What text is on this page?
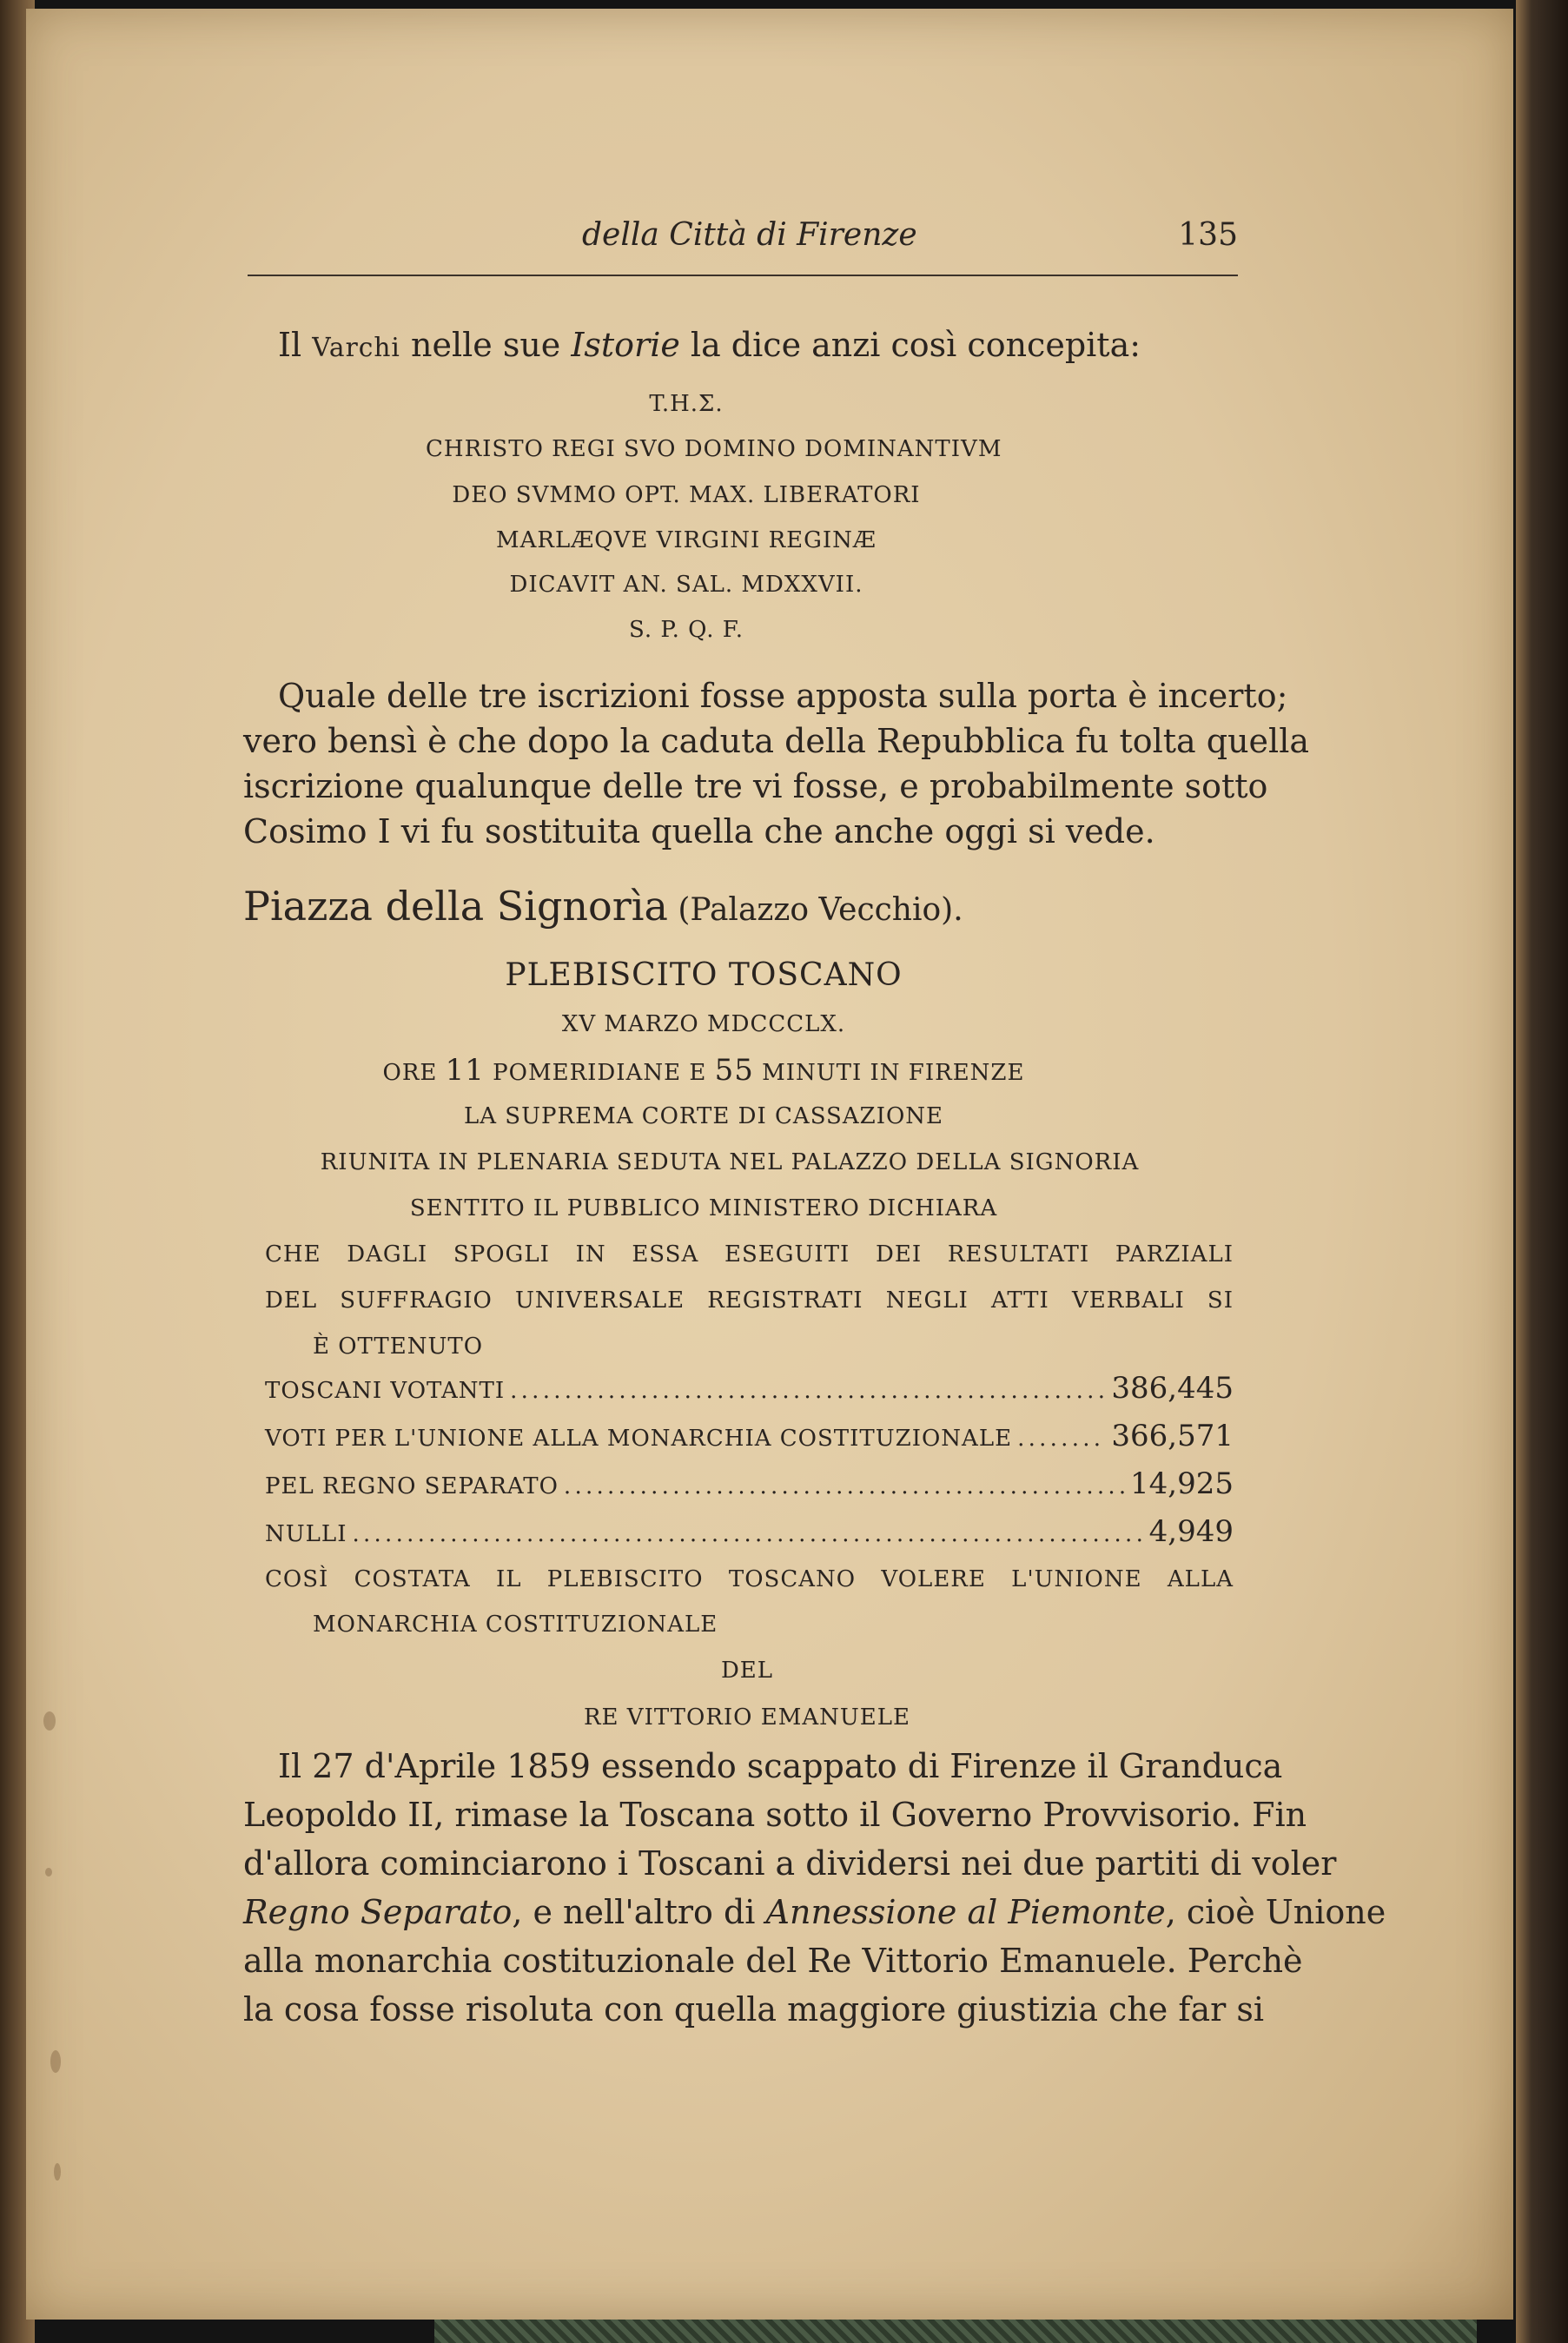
della Città di Firenze	135
Il Varchi nelle sue Istorie la dice anzi così concepita:
T.H.Σ.
CHRISTO REGI SVO DOMINO DOMINANTIVM
DEO SVMMO OPT. MAX. LIBERATORI
MARLÆQVE VIRGINI REGINÆ
DICAVIT AN. SAL. MDXXVII.
S. P. Q. F.
Quale delle tre iscrizioni fosse apposta sulla porta è incerto;
vero bensì è che dopo la caduta della Repubblica fu tolta quella
iscrizione qualunque delle tre vi fosse, e probabilmente sotto
Cosimo I vi fu sostituita quella che anche oggi si vede.
Piazza della Signorìa (Palazzo Vecchio).
PLEBISCITO TOSCANO
XV MARZO MDCCCLX.
ORE 11 POMERIDIANE E 55 MINUTI IN FIRENZE
LA SUPREMA CORTE DI CASSAZIONE
RIUNITA IN PLENARIA SEDUTA NEL PALAZZO DELLA SIGNORIA
SENTITO IL PUBBLICO MINISTERO DICHIARA
CHE DAGLI SPOGLI IN ESSA ESEGUITI DEI RESULTATI PARZIALI
DEL SUFFRAGIO UNIVERSALE REGISTRATI NEGLI ATTI VERBALI SI
È OTTENUTO
TOSCANI VOTANTI . . .	386,445
VOTI PER L'UNIONE ALLA MONARCHIA COSTITUZIONALE . . .	366,571
PEL REGNO SEPARATO . . .	14,925
NULLI . . .	4,949
COSÌ COSTATA IL PLEBISCITO TOSCANO VOLERE L'UNIONE ALLA
MONARCHIA COSTITUZIONALE
DEL
RE VITTORIO EMANUELE
Il 27 d'Aprile 1859 essendo scappato di Firenze il Granduca
Leopoldo II, rimase la Toscana sotto il Governo Provvisorio. Fin
d'allora cominciarono i Toscani a dividersi nei due partiti di voler
Regno Separato, e nell'altro di Annessione al Piemonte, cioè Unione
alla monarchia costituzionale del Re Vittorio Emanuele. Perchè
la cosa fosse risoluta con quella maggiore giustizia che far si
